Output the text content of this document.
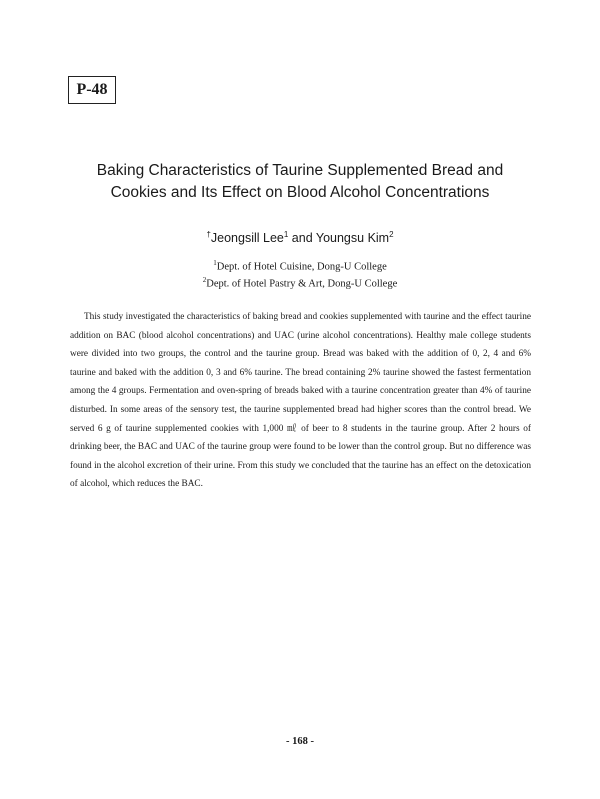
P-48
Baking Characteristics of Taurine Supplemented Bread and
Cookies and Its Effect on Blood Alcohol Concentrations
†Jeongsill Lee$^1$ and Youngsu Kim$^2$
$^1$Dept. of Hotel Cuisine, Dong-U College
$^2$Dept. of Hotel Pastry & Art, Dong-U College

This study investigated the characteristics of baking bread and cookies supplemented with taurine and the effect taurine addition on BAC (blood alcohol concentrations) and UAC (urine alcohol concentrations). Healthy male college students were divided into two groups, the control and the taurine group. Bread was baked with the addition of 0, 2, 4 and 6% taurine and baked with the addition 0, 3 and 6% taurine. The bread containing 2% taurine showed the fastest fermentation among the 4 groups. Fermentation and oven-spring of breads baked with a taurine concentration greater than 4% of taurine disturbed. In some areas of the sensory test, the taurine supplemented bread had higher scores than the control bread. We served 6 g of taurine supplemented cookies with 1,000 ㎖ of beer to 8 students in the taurine group. After 2 hours of drinking beer, the BAC and UAC of the taurine group were found to be lower than the control group. But no difference was found in the alcohol excretion of their urine. From this study we concluded that the taurine has an effect on the detoxication of alcohol, which reduces the BAC.

- 168 -
